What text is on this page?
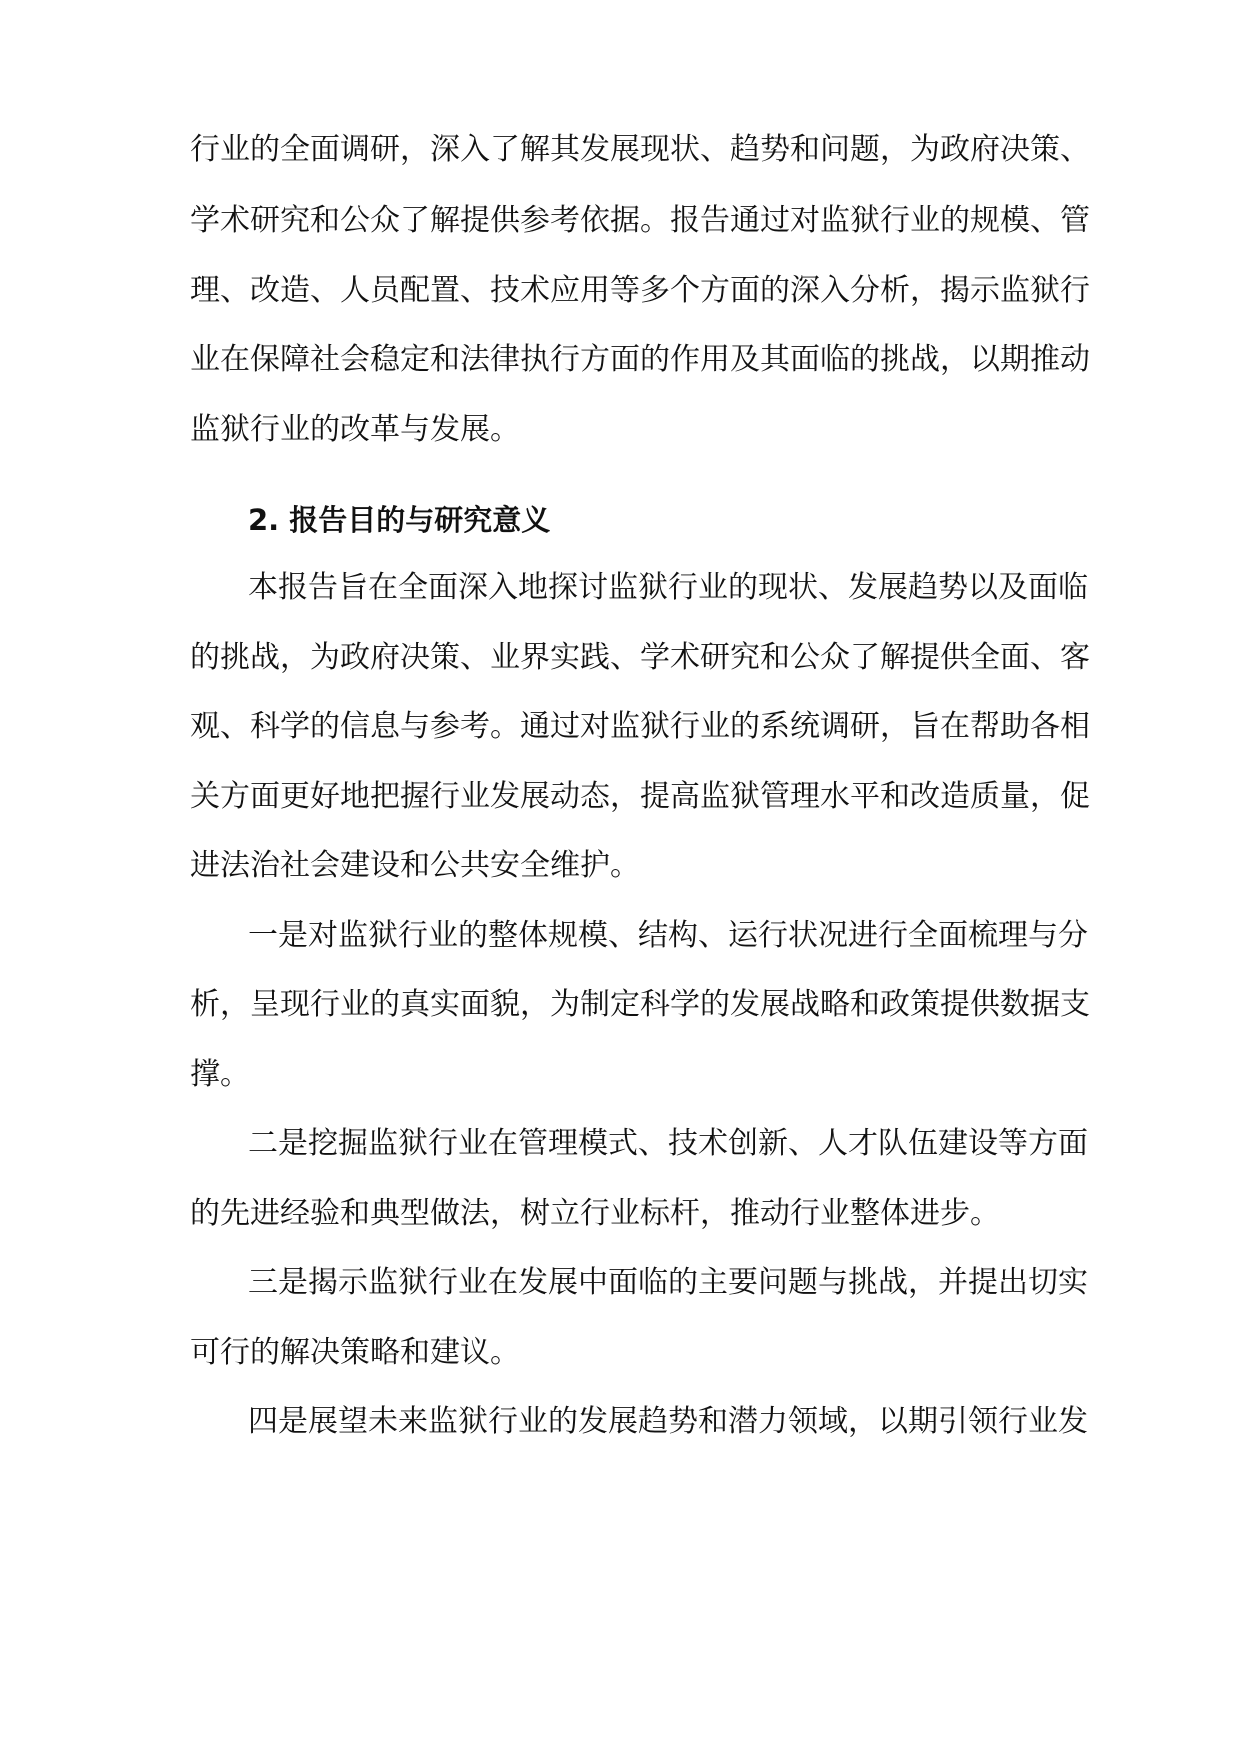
行业的全面调研，深入了解其发展现状、趋势和问题，为政府决策、
学术研究和公众了解提供参考依据。报告通过对监狱行业的规模、管
理、改造、人员配置、技术应用等多个方面的深入分析，揭示监狱行
业在保障社会稳定和法律执行方面的作用及其面临的挑战，以期推动
监狱行业的改革与发展。
2. 报告目的与研究意义
本报告旨在全面深入地探讨监狱行业的现状、发展趋势以及面临
的挑战，为政府决策、业界实践、学术研究和公众了解提供全面、客
观、科学的信息与参考。通过对监狱行业的系统调研，旨在帮助各相
关方面更好地把握行业发展动态，提高监狱管理水平和改造质量，促
进法治社会建设和公共安全维护。
一是对监狱行业的整体规模、结构、运行状况进行全面梳理与分
析，呈现行业的真实面貌，为制定科学的发展战略和政策提供数据支
撑。
二是挖掘监狱行业在管理模式、技术创新、人才队伍建设等方面
的先进经验和典型做法，树立行业标杆，推动行业整体进步。
三是揭示监狱行业在发展中面临的主要问题与挑战，并提出切实
可行的解决策略和建议。
四是展望未来监狱行业的发展趋势和潜力领域，以期引领行业发
